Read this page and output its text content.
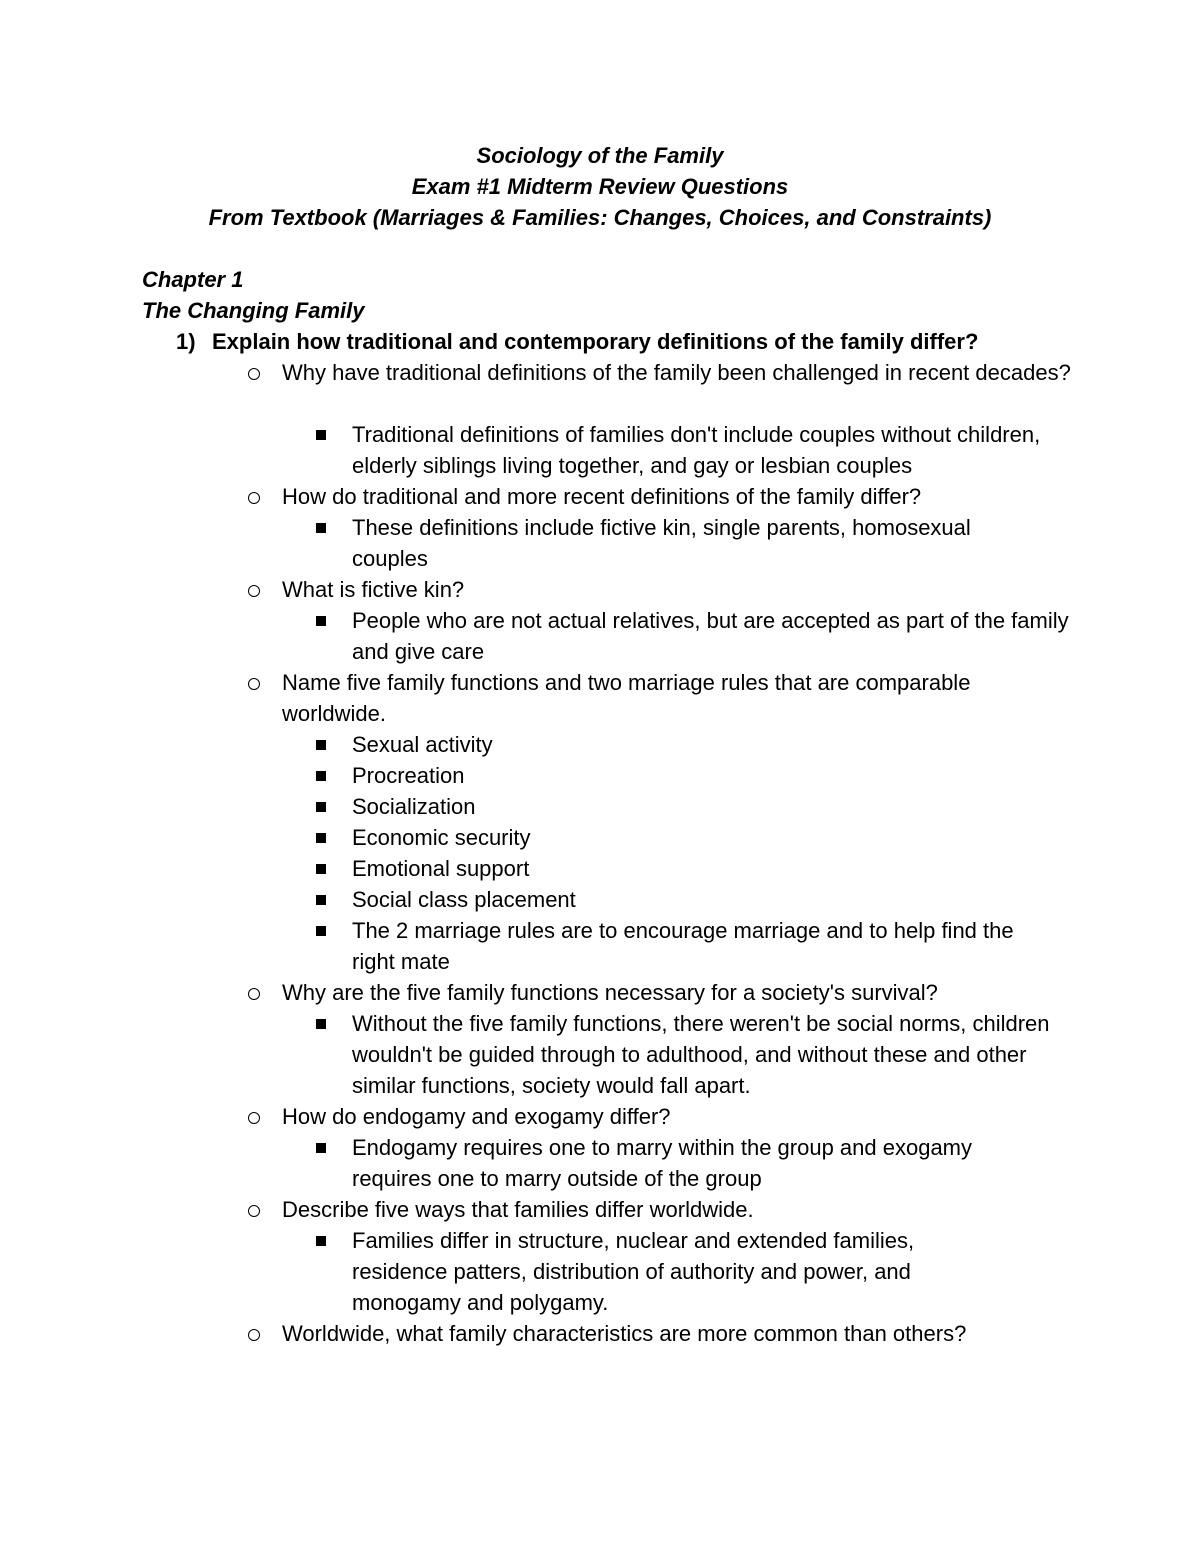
Sociology of the Family
Exam #1 Midterm Review Questions
From Textbook (Marriages & Families: Changes, Choices, and Constraints)
Chapter 1
The Changing Family
1) Explain how traditional and contemporary definitions of the family differ?
Why have traditional definitions of the family been challenged in recent decades?
Traditional definitions of families don't include couples without children, elderly siblings living together, and gay or lesbian couples
How do traditional and more recent definitions of the family differ?
These definitions include fictive kin, single parents, homosexual couples
What is fictive kin?
People who are not actual relatives, but are accepted as part of the family and give care
Name five family functions and two marriage rules that are comparable worldwide.
Sexual activity
Procreation
Socialization
Economic security
Emotional support
Social class placement
The 2 marriage rules are to encourage marriage and to help find the right mate
Why are the five family functions necessary for a society's survival?
Without the five family functions, there weren't be social norms, children wouldn't be guided through to adulthood, and without these and other similar functions, society would fall apart.
How do endogamy and exogamy differ?
Endogamy requires one to marry within the group and exogamy requires one to marry outside of the group
Describe five ways that families differ worldwide.
Families differ in structure, nuclear and extended families, residence patters, distribution of authority and power, and monogamy and polygamy.
Worldwide, what family characteristics are more common than others?
